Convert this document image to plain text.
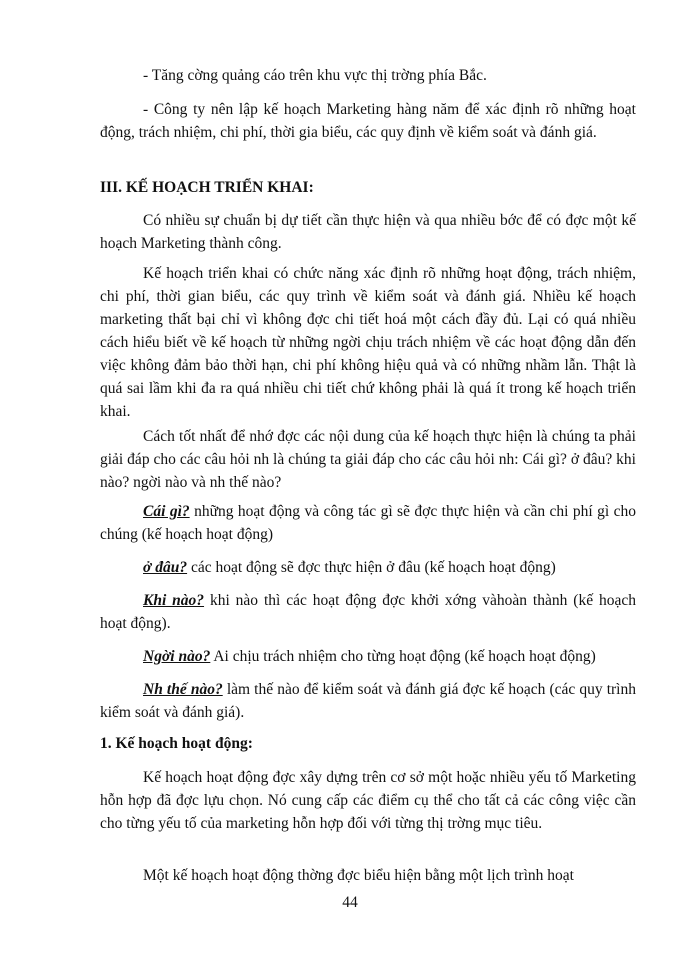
- Tăng cờng quảng cáo trên khu vực thị trờng phía Bắc.

- Công ty nên lập kế hoạch Marketing hàng năm để xác định rõ những hoạt động, trách nhiệm, chi phí, thời gia biểu, các quy định về kiểm soát và đánh giá.

III. KẾ HOẠCH TRIỂN KHAI:

Có nhiều sự chuẩn bị dự tiết cần thực hiện và qua nhiều bớc để có đợc một kế hoạch Marketing thành công.

Kế hoạch triển khai có chức năng xác định rõ những hoạt động, trách nhiệm, chi phí, thời gian biểu, các quy trình về kiểm soát và đánh giá. Nhiều kế hoạch marketing thất bại chỉ vì không đợc chi tiết hoá một cách đầy đủ. Lại có quá nhiều cách hiểu biết về kế hoạch từ những ngời chịu trách nhiệm về các hoạt động dẫn đến việc không đảm bảo thời hạn, chi phí không hiệu quả và có những nhầm lẫn. Thật là quá sai lầm khi đa ra quá nhiều chi tiết chứ không phải là quá ít trong kế hoạch triển khai.

Cách tốt nhất để nhớ đợc các nội dung của kế hoạch thực hiện là chúng ta phải giải đáp cho các câu hỏi nh là chúng ta giải đáp cho các câu hỏi nh: Cái gì? ở đâu? khi nào? ngời nào và nh thế nào?

Cái gì? những hoạt động và công tác gì sẽ đợc thực hiện và cần chi phí gì cho chúng (kế hoạch hoạt động)

ở đâu? các hoạt động sẽ đợc thực hiện ở đâu (kế hoạch hoạt động)

Khi nào? khi nào thì các hoạt động đợc khởi xớng vàhoàn thành (kế hoạch hoạt động).

Ngời nào? Ai chịu trách nhiệm cho từng hoạt động (kế hoạch hoạt động)

Nh thế nào? làm thế nào để kiểm soát và đánh giá đợc kế hoạch (các quy trình kiểm soát và đánh giá).

1. Kế hoạch hoạt động:

Kế hoạch hoạt động đợc xây dựng trên cơ sở một hoặc nhiều yếu tố Marketing hỗn hợp đã đợc lựu chọn. Nó cung cấp các điểm cụ thể cho tất cả các công việc cần cho từng yếu tố của marketing hỗn hợp đối với từng thị trờng mục tiêu.

Một kế hoạch hoạt động thờng đợc biểu hiện bằng một lịch trình hoạt

44
